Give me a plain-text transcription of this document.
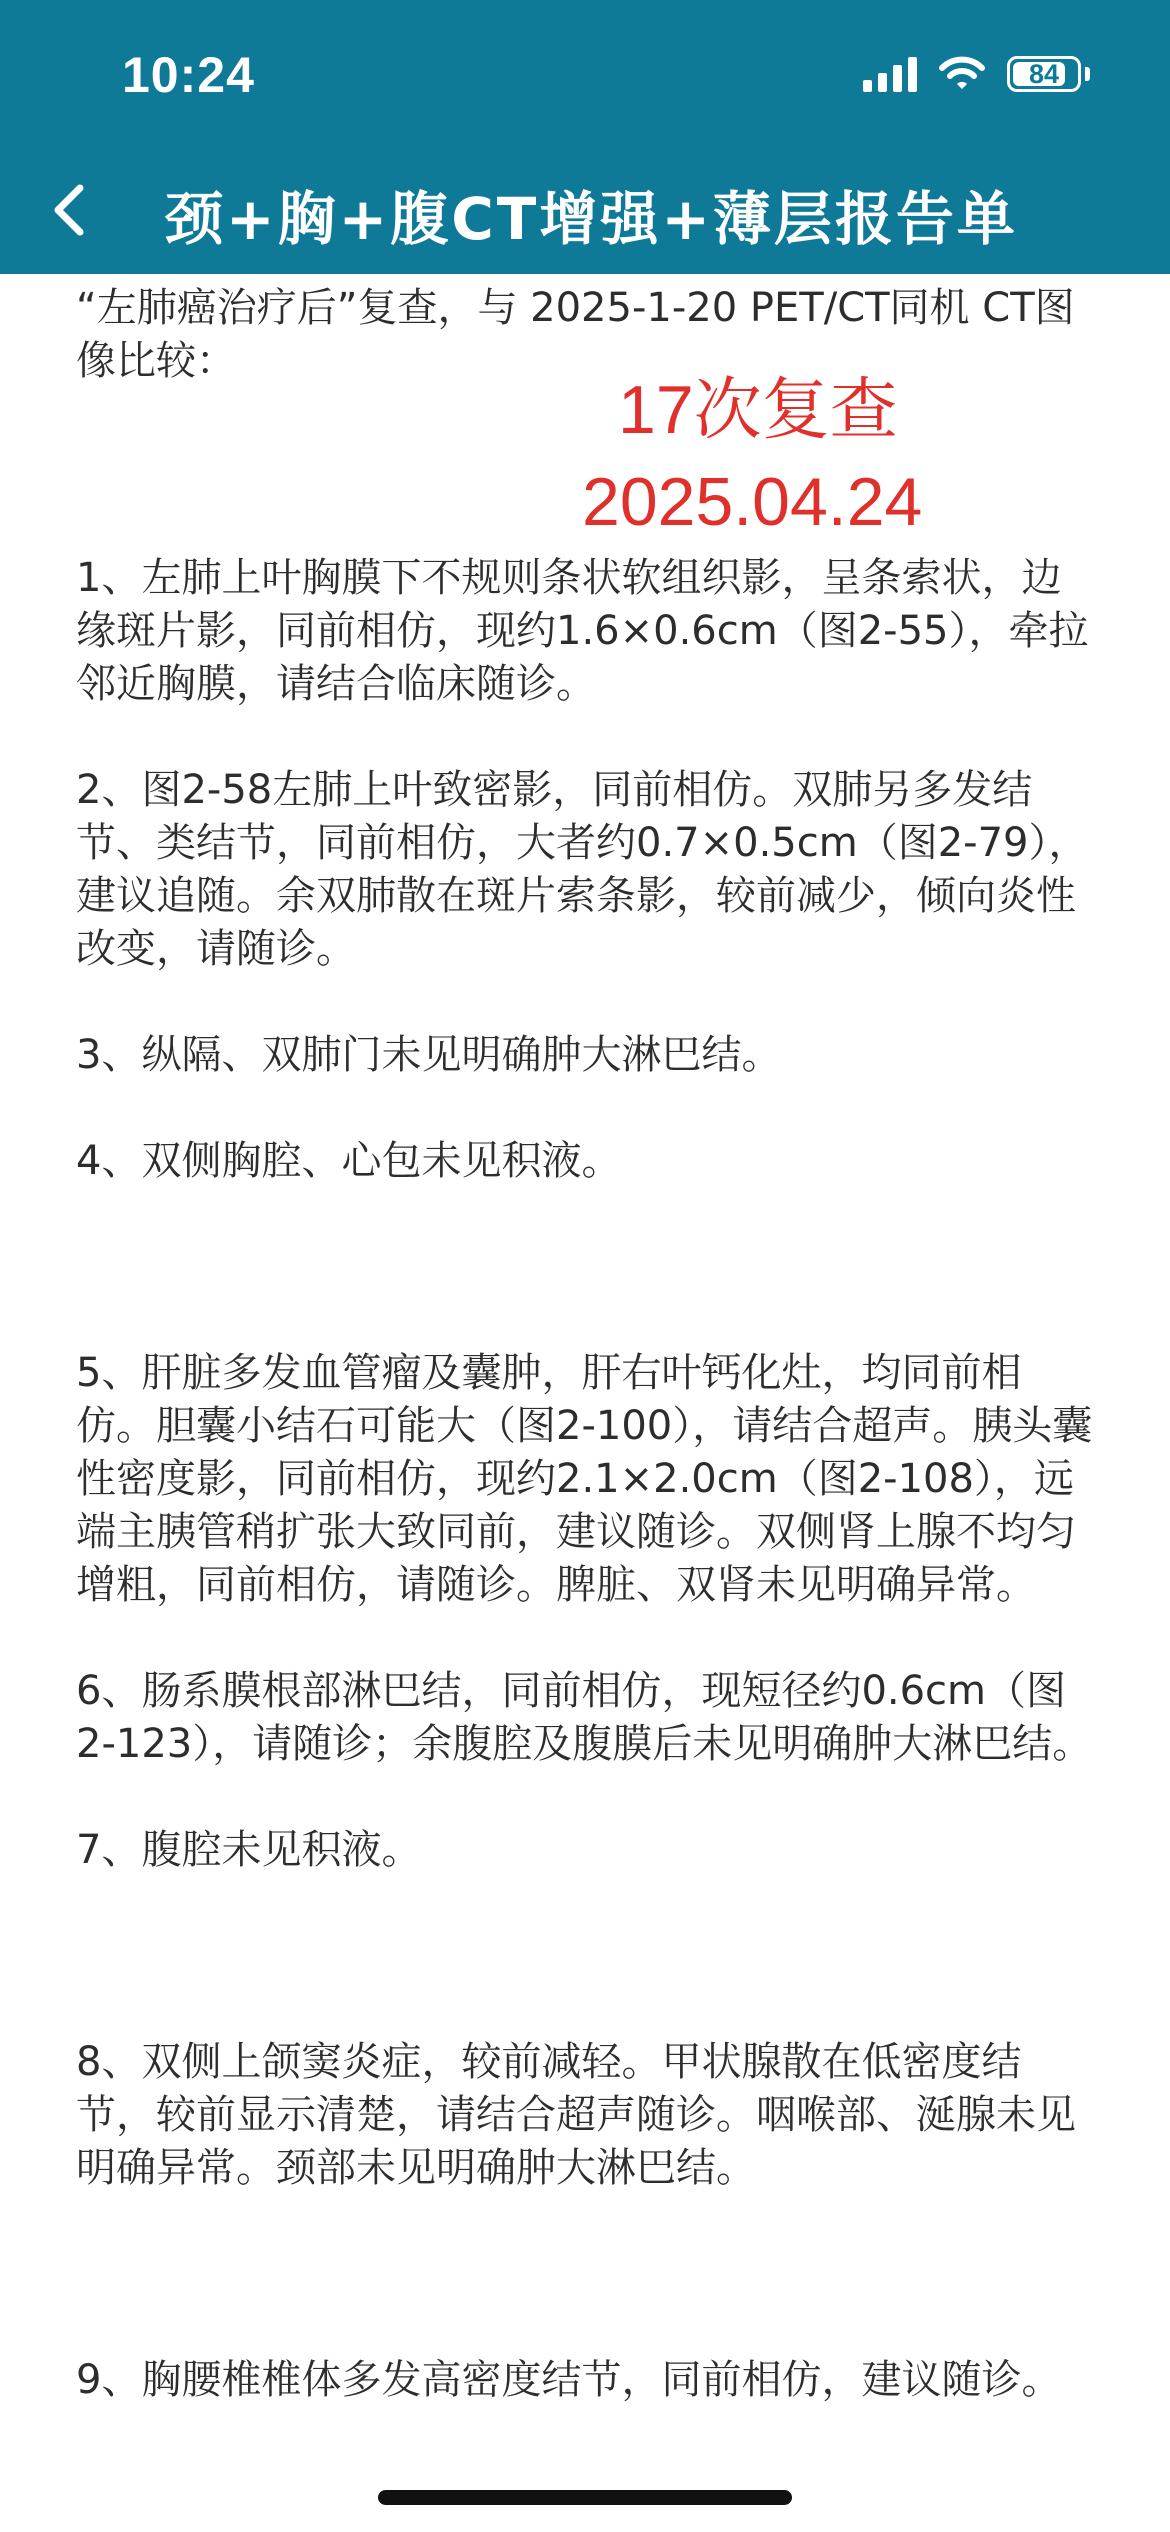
10:24	84
颈+胸+腹CT增强+薄层报告单

“左肺癌治疗后”复查，与 2025-1-20 PET/CT同机 CT图像比较：

1、左肺上叶胸膜下不规则条状软组织影，呈条索状，边缘斑片影，同前相仿，现约1.6×0.6cm（图2-55），牵拉邻近胸膜，请结合临床随诊。

2、图2-58左肺上叶致密影，同前相仿。双肺另多发结节、类结节，同前相仿，大者约0.7×0.5cm（图2-79），建议追随。余双肺散在斑片索条影，较前减少，倾向炎性改变，请随诊。

3、纵隔、双肺门未见明确肿大淋巴结。

4、双侧胸腔、心包未见积液。

5、肝脏多发血管瘤及囊肿，肝右叶钙化灶，均同前相仿。胆囊小结石可能大（图2-100），请结合超声。胰头囊性密度影，同前相仿，现约2.1×2.0cm（图2-108），远端主胰管稍扩张大致同前，建议随诊。双侧肾上腺不均匀增粗，同前相仿，请随诊。脾脏、双肾未见明确异常。

6、肠系膜根部淋巴结，同前相仿，现短径约0.6cm（图2-123），请随诊；余腹腔及腹膜后未见明确肿大淋巴结。

7、腹腔未见积液。

8、双侧上颌窦炎症，较前减轻。甲状腺散在低密度结节，较前显示清楚，请结合超声随诊。咽喉部、涎腺未见明确异常。颈部未见明确肿大淋巴结。

9、胸腰椎椎体多发高密度结节，同前相仿，建议随诊。

17次复查
2025.04.24
